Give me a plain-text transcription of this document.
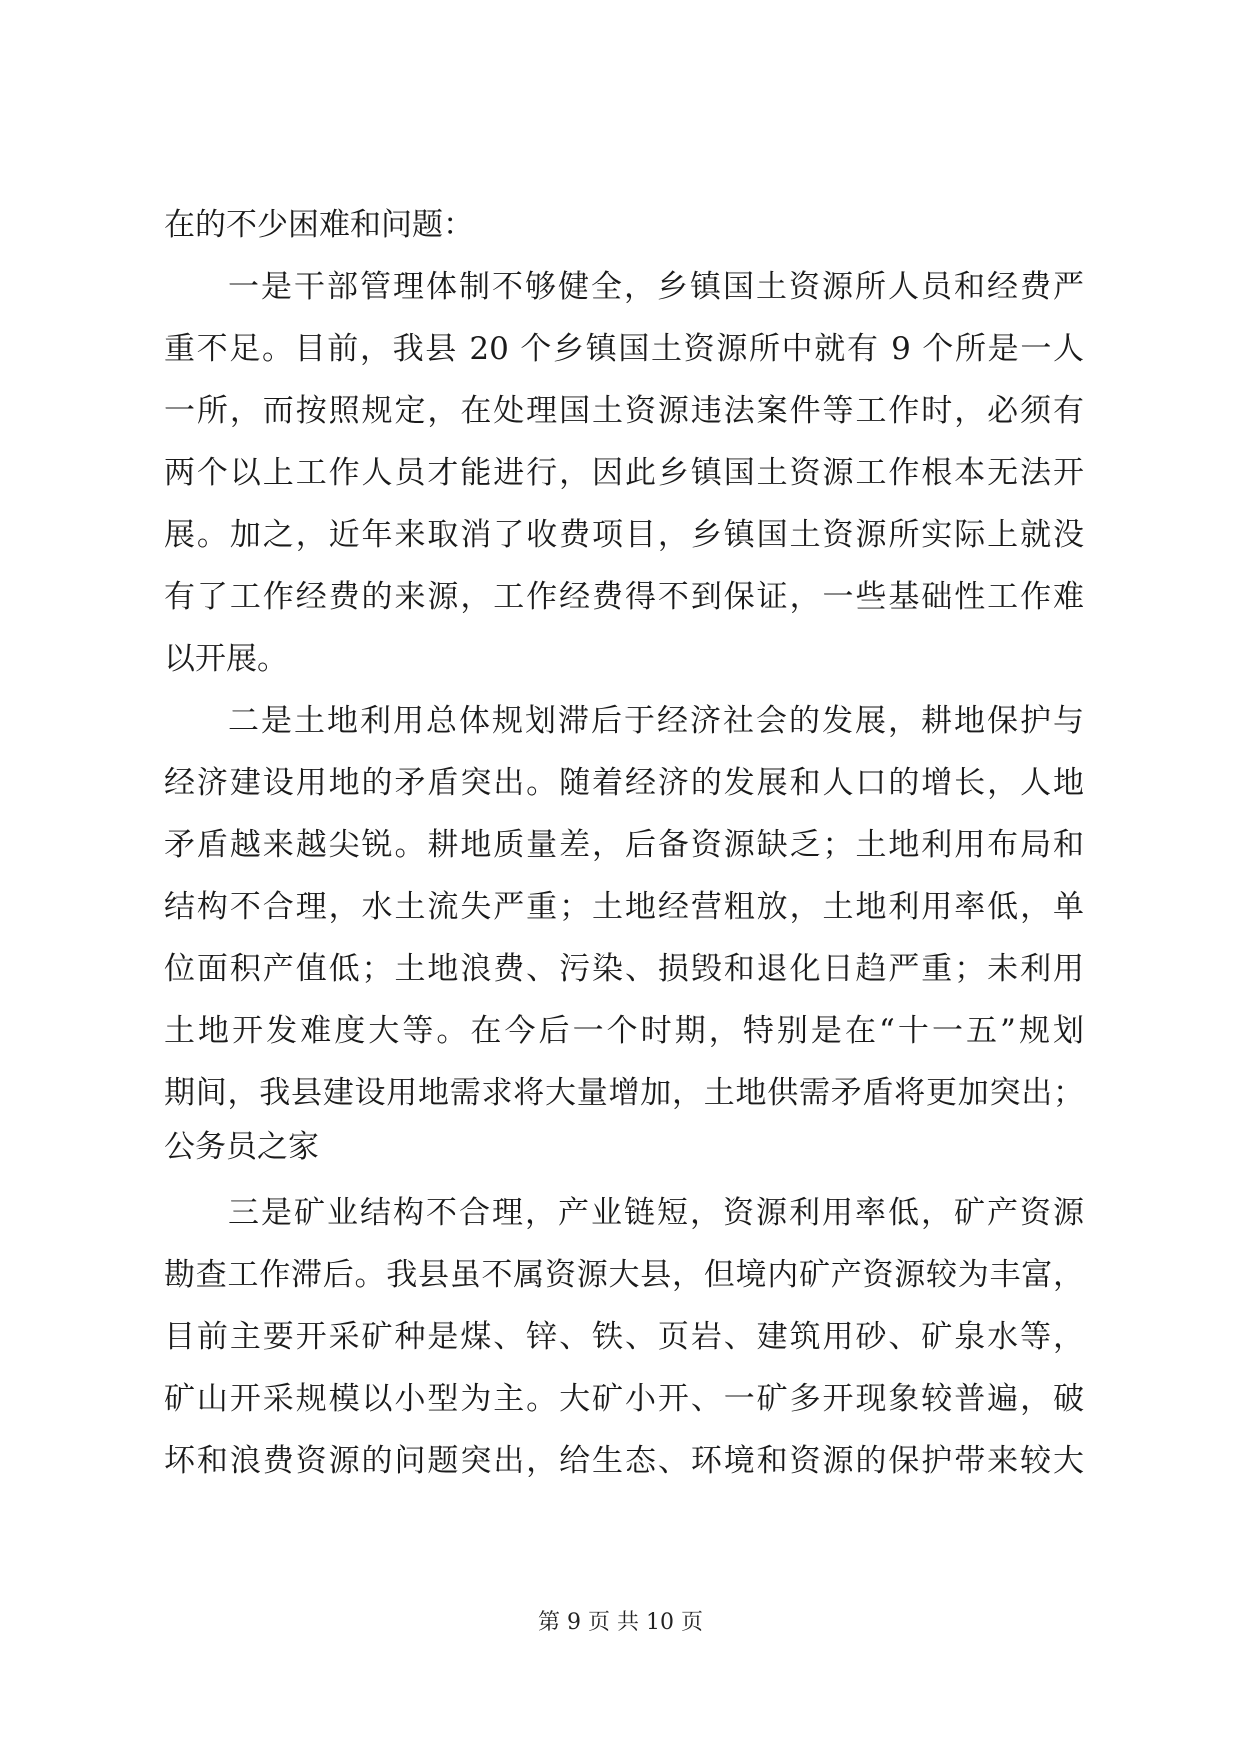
在的不少困难和问题：
一是干部管理体制不够健全，乡镇国土资源所人员和经费严
重不足。目前，我县 20 个乡镇国土资源所中就有 9 个所是一人
一所，而按照规定，在处理国土资源违法案件等工作时，必须有
两个以上工作人员才能进行，因此乡镇国土资源工作根本无法开
展。加之，近年来取消了收费项目，乡镇国土资源所实际上就没
有了工作经费的来源，工作经费得不到保证，一些基础性工作难
以开展。
二是土地利用总体规划滞后于经济社会的发展，耕地保护与
经济建设用地的矛盾突出。随着经济的发展和人口的增长，人地
矛盾越来越尖锐。耕地质量差，后备资源缺乏；土地利用布局和
结构不合理，水土流失严重；土地经营粗放，土地利用率低，单
位面积产值低；土地浪费、污染、损毁和退化日趋严重；未利用
土地开发难度大等。在今后一个时期，特别是在“十一五”规划
期间，我县建设用地需求将大量增加，土地供需矛盾将更加突出；
公务员之家
三是矿业结构不合理，产业链短，资源利用率低，矿产资源
勘查工作滞后。我县虽不属资源大县，但境内矿产资源较为丰富，
目前主要开采矿种是煤、锌、铁、页岩、建筑用砂、矿泉水等，
矿山开采规模以小型为主。大矿小开、一矿多开现象较普遍，破
坏和浪费资源的问题突出，给生态、环境和资源的保护带来较大
第 9 页 共 10 页
